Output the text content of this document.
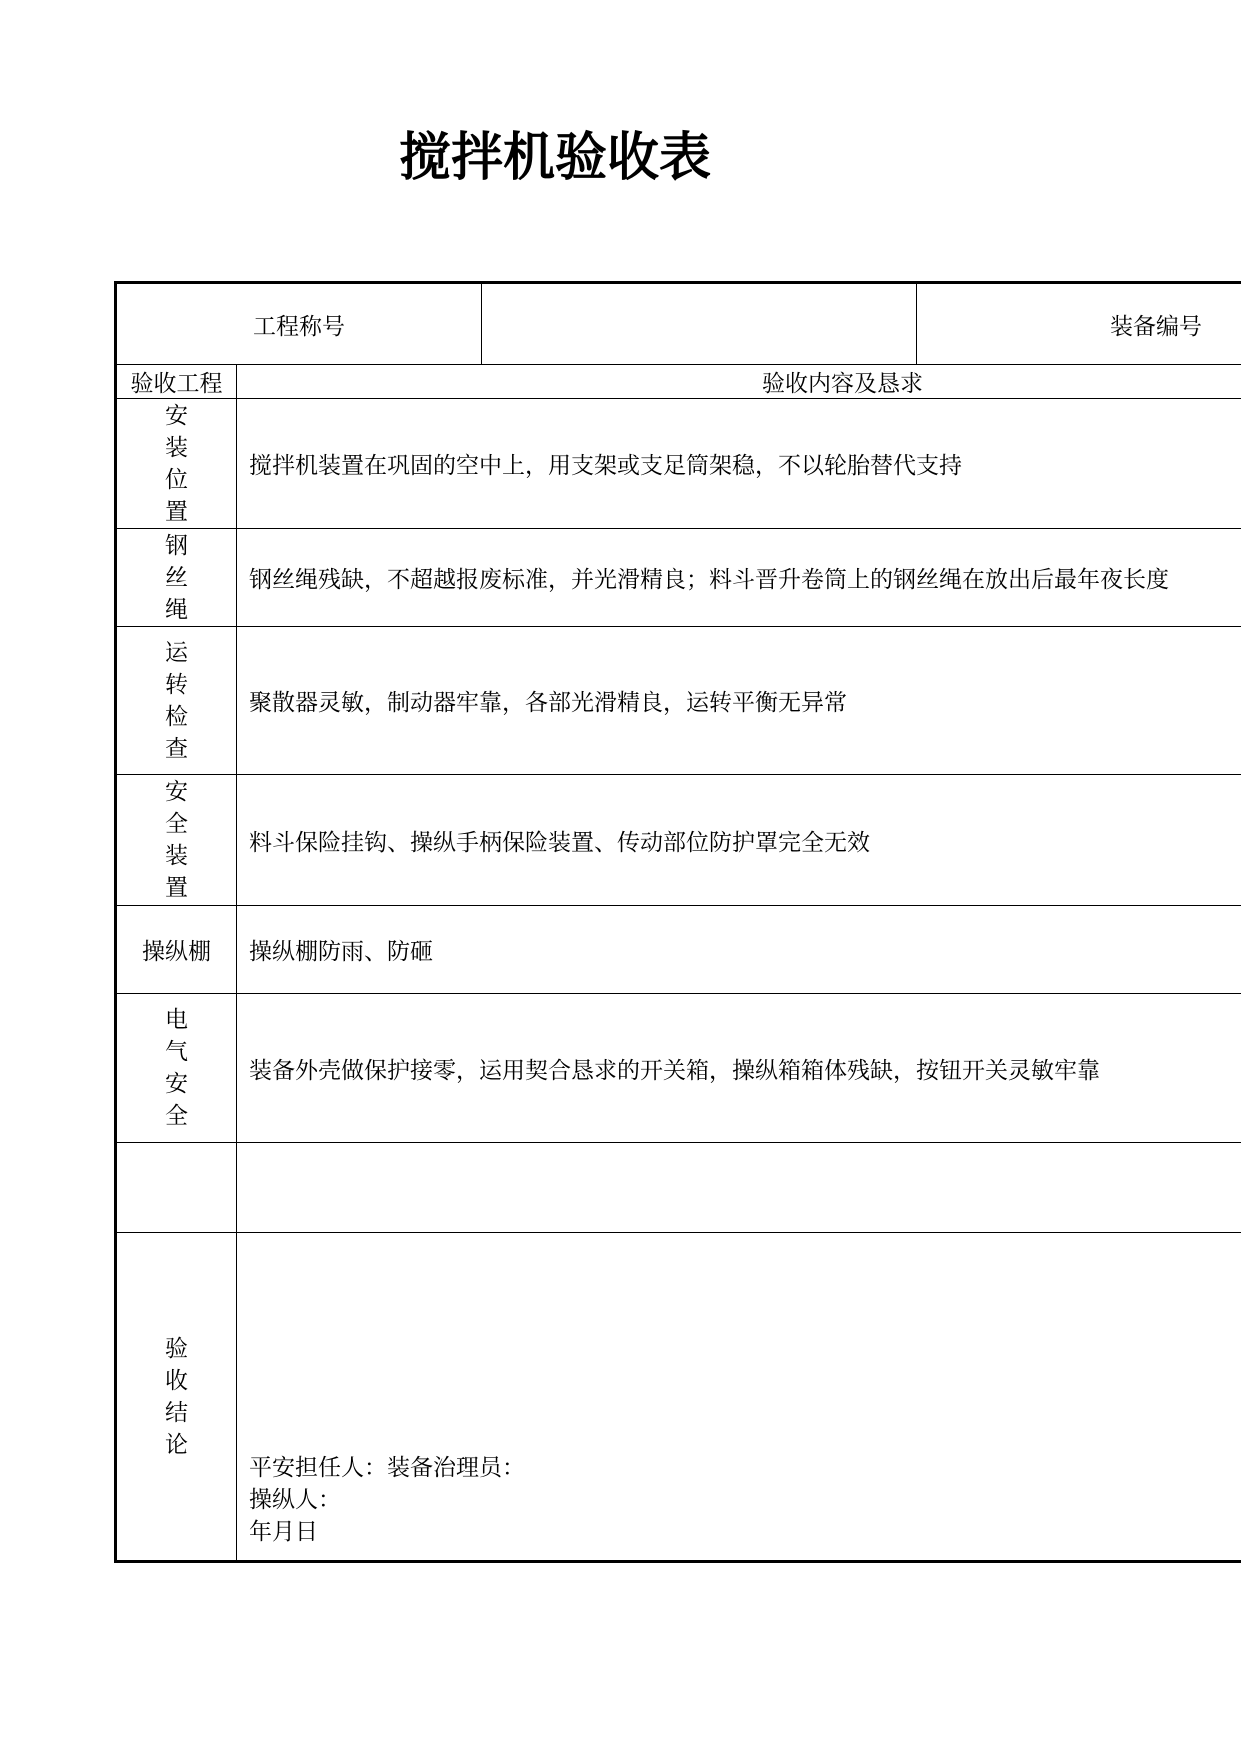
搅拌机验收表
工程称号			装备编号
验收工程	验收内容及恳求		
安装位置	搅拌机装置在巩固的空中上，用支架或支足筒架稳，不以轮胎替代支持		
钢丝绳	钢丝绳残缺，不超越报废标准，并光滑精良；料斗晋升卷筒上的钢丝绳在放出后最年夜长度		
运转检查	聚散器灵敏，制动器牢靠，各部光滑精良，运转平衡无异常		
安全装置	料斗保险挂钩、操纵手柄保险装置、传动部位防护罩完全无效		
操纵棚	操纵棚防雨、防砸		
电气安全	装备外壳做保护接零，运用契合恳求的开关箱，操纵箱箱体残缺，按钮开关灵敏牢靠		

验收结论	平安担任人：装备治理员：
操纵人：
年月日		
